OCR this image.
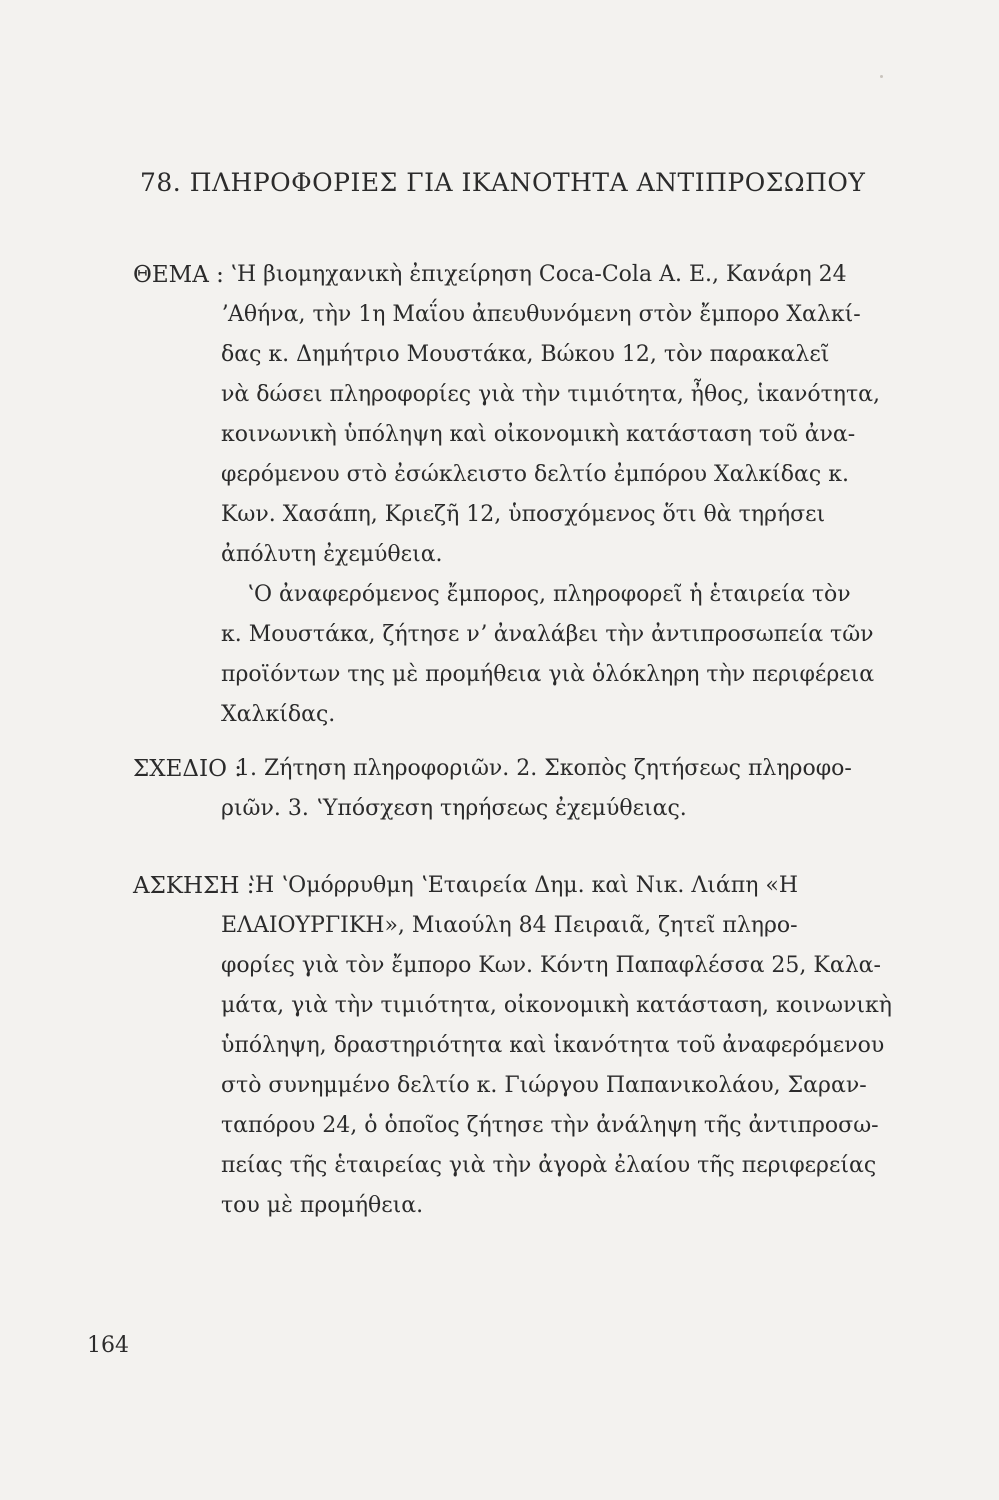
78. ΠΛΗΡΟΦΟΡΙΕΣ ΓΙΑ ΙΚΑΝΟΤΗΤΑ ΑΝΤΙΠΡΟΣΩΠΟΥ
ΘΕΜΑ : ʽΗ βιομηχανικὴ ἐπιχείρηση Coca-Cola A. E., Κανάρη 24
ʼΑθήνα, τὴν 1η Μαΐου ἀπευθυνόμενη στὸν ἔμπορο Χαλκί-
δας κ. Δημήτριο Μουστάκα, Βώκου 12, τὸν παρακαλεῖ
νὰ δώσει πληροφορίες γιὰ τὴν τιμιότητα, ἦθος, ἱκανότητα,
κοινωνικὴ ὑπόληψη καὶ οἰκονομικὴ κατάσταση τοῦ ἀνα-
φερόμενου στὸ ἐσώκλειστο δελτίο ἐμπόρου Χαλκίδας κ.
Κων. Χασάπη, Κριεζῆ 12, ὑποσχόμενος ὅτι θὰ τηρήσει
ἀπόλυτη ἐχεμύθεια.
ʽΟ ἀναφερόμενος ἔμπορος, πληροφορεῖ ἡ ἑταιρεία τὸν
κ. Μουστάκα, ζήτησε νʼ ἀναλάβει τὴν ἀντιπροσωπεία τῶν
προϊόντων της μὲ προμήθεια γιὰ ὁλόκληρη τὴν περιφέρεια
Χαλκίδας.
ΣΧΕΔΙΟ :
1. Ζήτηση πληροφοριῶν. 2. Σκοπὸς ζητήσεως πληροφο-
ριῶν. 3. ʽΥπόσχεση τηρήσεως ἐχεμύθειας.
ΑΣΚΗΣΗ :
ʽΗ ʽΟμόρρυθμη ʽΕταιρεία Δημ. καὶ Νικ. Λιάπη «Η
ΕΛΑΙΟΥΡΓΙΚΗ», Μιαούλη 84 Πειραιᾶ, ζητεῖ πληρο-
φορίες γιὰ τὸν ἔμπορο Κων. Κόντη Παπαφλέσσα 25, Καλα-
μάτα, γιὰ τὴν τιμιότητα, οἰκονομικὴ κατάσταση, κοινωνικὴ
ὑπόληψη, δραστηριότητα καὶ ἱκανότητα τοῦ ἀναφερόμενου
στὸ συνημμένο δελτίο κ. Γιώργου Παπανικολάου, Σαραν-
ταπόρου 24, ὁ ὁποῖος ζήτησε τὴν ἀνάληψη τῆς ἀντιπροσω-
πείας τῆς ἑταιρείας γιὰ τὴν ἀγορὰ ἐλαίου τῆς περιφερείας
του μὲ προμήθεια.
164
